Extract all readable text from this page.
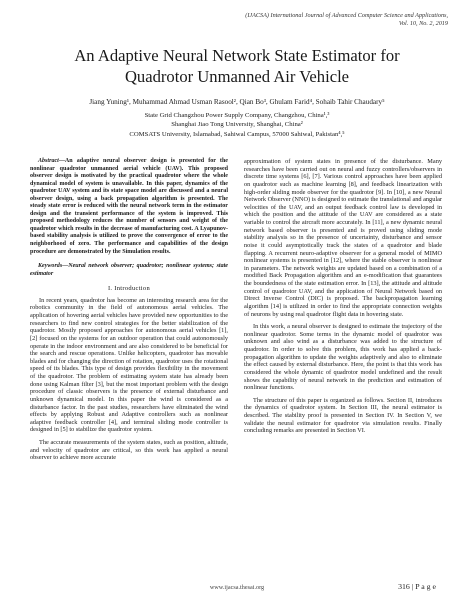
(IJACSA) International Journal of Advanced Computer Science and Applications,
Vol. 10, No. 2, 2019
An Adaptive Neural Network State Estimator for
Quadrotor Unmanned Air Vehicle
Jiang Yuning¹, Muhammad Ahmad Usman Rasool², Qian Bo³, Ghulam Farid⁴, Sohaib Tahir Chaudary⁵
State Grid Changzhou Power Supply Company, Changzhou, China¹,³
Shanghai Jiao Tong University, Shanghai, China²
COMSATS University, Islamabad, Sahiwal Campus, 57000 Sahiwal, Pakistan⁴,⁵

Abstract—An adaptive neural observer design is presented for the nonlinear quadrotor unmanned aerial vehicle (UAV). This proposed observer design is motivated by the practical quadrotor where the whole dynamical model of system is unavailable. In this paper, dynamics of the quadrotor UAV system and its state space model are discussed and a neural observer design, using a back propagation algorithm is presented. The steady state error is reduced with the neural network term in the estimator design and the transient performance of the system is improved. This proposed methodology reduces the number of sensors and weight of the quadrotor which results in the decrease of manufacturing cost. A Lyapunov-based stability analysis is utilized to prove the convergence of error to the neighborhood of zero. The performance and capabilities of the design procedure are demonstrated by the Simulation results.

Keywords—Neural network observer; quadrotor; nonlinear systems; state estimator

I. Introduction

In recent years, quadrotor has become an interesting research area for the robotics community in the field of autonomous aerial vehicles. The application of hovering aerial vehicles have provided new opportunities to the researchers to find new control strategies for the better stabilization of the quadrotor. Mostly proposed approaches for autonomous aerial vehicles [1], [2] focused on the systems for an outdoor operation that could autonomously operate in the indoor environment and are also considered to be beneficial for the search and rescue operations. Unlike helicopters, quadrotor has movable blades and for changing the direction of rotation, quadrotor uses the rotational speed of its blades. This type of design provides flexibility in the movement of the quadrotor. The problem of estimating system state has already been done using Kalman filter [3], but the most important problem with the design procedure of classic observers is the presence of external disturbance and unknown dynamical model. In this paper the wind is considered as a disturbance factor. In the past studies, researchers have eliminated the wind effects by applying Robust and Adaptive controllers such as nonlinear adaptive feedback controller [4], and terminal sliding mode controller is designed in [5] to stabilize the quadrotor system.

The accurate measurements of the system states, such as position, altitude, and velocity of quadrotor are critical, so this work has applied a neural observer to achieve more accurate

approximation of system states in presence of the disturbance. Many researches have been carried out on neural and fuzzy controllers/observers in discrete time systems [6], [7]. Various control approaches have been applied on quadrotor such as machine learning [8], and feedback linearization with high-order sliding mode observer for the quadrotor [9]. In [10], a new Neural Network Observer (NNO) is designed to estimate the translational and angular velocities of the UAV, and an output feedback control law is developed in which the position and the attitude of the UAV are considered as a state variable to control the aircraft more accurately. In [11], a new dynamic neural network based observer is presented and is proved using sliding mode stability analysis so in the presence of uncertainty, disturbance and sensor noise it could asymptotically track the states of a quadrotor and blade flapping. A recurrent neuro-adaptive observer for a general model of MIMO nonlinear systems is presented in [12], where the stable observer is nonlinear in parameters. The network weights are updated based on a combination of a modified Back Propagation algorithm and an e-modification that guarantees the boundedness of the state estimation error. In [13], the attitude and altitude control of quadrotor UAV, and the application of Neural Network based on Direct Inverse Control (DIC) is proposed. The backpropagation learning algorithm [14] is utilized in order to find the appropriate connection weights of neurons by using real quadrotor flight data in hovering state.

In this work, a neural observer is designed to estimate the trajectory of the nonlinear quadrotor. Some terms in the dynamic model of quadrotor was unknown and also wind as a disturbance was added to the structure of quadrotor. In order to solve this problem, this work has applied a back-propagation algorithm to update the weights adaptively and also to eliminate the effect caused by external disturbance. Here, the point is that this work has considered the whole dynamic of quadrotor model undefined and the result shows the capability of neural network in the prediction and estimation of nonlinear functions.

The structure of this paper is organized as follows. Section II, introduces the dynamics of quadrotor system. In Section III, the neural estimator is described. The stability proof is presented in Section IV. In Section V, we validate the neural estimator for quadrotor via simulation results. Finally concluding remarks are presented in Section VI.

www.ijacsa.thesai.org	316 | P a g e
